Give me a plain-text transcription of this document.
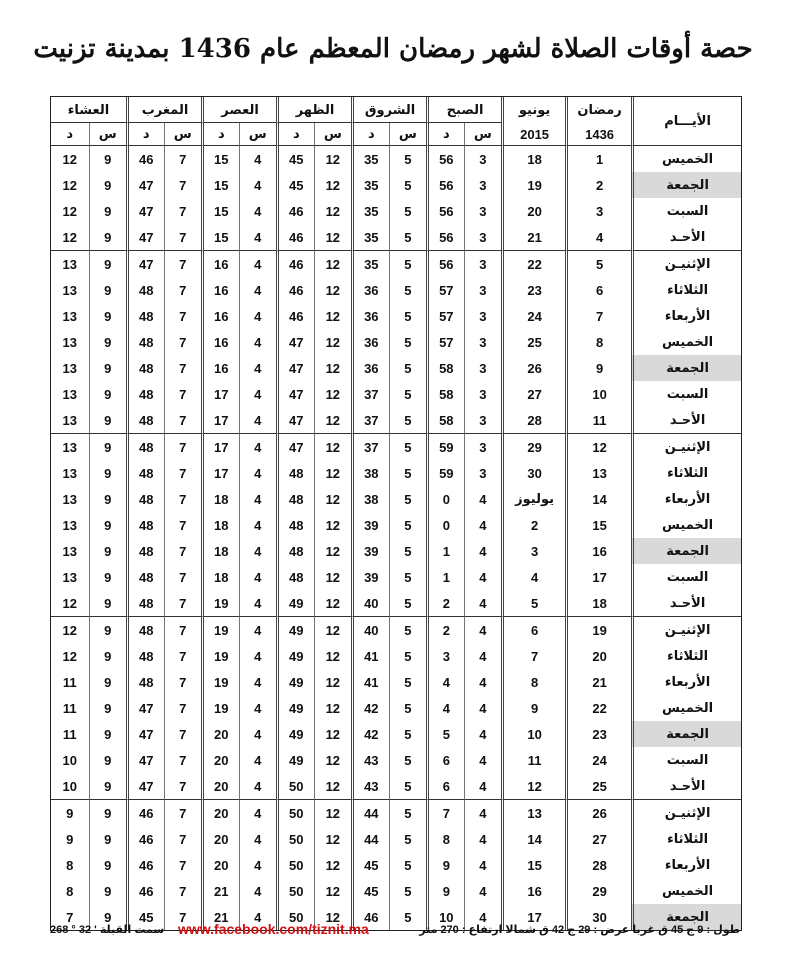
حصة أوقات الصلاة لشهر رمضان المعظم عام 1436 بمدينة تزنيت
الأيـــام	رمضان	يونيو	الصبح		الشروق		الظهر		العصر		المغرب		العشاء	
	1436	2015	س	د	س	د	س	د	س	د	س	د	س	د
الخميس	1	18	3	56	5	35	12	45	4	15	7	46	9	12
الجمعة	2	19	3	56	5	35	12	45	4	15	7	47	9	12
السبت	3	20	3	56	5	35	12	46	4	15	7	47	9	12
الأحـد	4	21	3	56	5	35	12	46	4	15	7	47	9	12
الإثنيـن	5	22	3	56	5	35	12	46	4	16	7	47	9	13
الثلاثاء	6	23	3	57	5	36	12	46	4	16	7	48	9	13
الأربعاء	7	24	3	57	5	36	12	46	4	16	7	48	9	13
الخميس	8	25	3	57	5	36	12	47	4	16	7	48	9	13
الجمعة	9	26	3	58	5	36	12	47	4	16	7	48	9	13
السبت	10	27	3	58	5	37	12	47	4	17	7	48	9	13
الأحـد	11	28	3	58	5	37	12	47	4	17	7	48	9	13
الإثنيـن	12	29	3	59	5	37	12	47	4	17	7	48	9	13
الثلاثاء	13	30	3	59	5	38	12	48	4	17	7	48	9	13
الأربعاء	14	يوليوز	4	0	5	38	12	48	4	18	7	48	9	13
الخميس	15	2	4	0	5	39	12	48	4	18	7	48	9	13
الجمعة	16	3	4	1	5	39	12	48	4	18	7	48	9	13
السبت	17	4	4	1	5	39	12	48	4	18	7	48	9	13
الأحـد	18	5	4	2	5	40	12	49	4	19	7	48	9	12
الإثنيـن	19	6	4	2	5	40	12	49	4	19	7	48	9	12
الثلاثاء	20	7	4	3	5	41	12	49	4	19	7	48	9	12
الأربعاء	21	8	4	4	5	41	12	49	4	19	7	48	9	11
الخميس	22	9	4	4	5	42	12	49	4	19	7	47	9	11
الجمعة	23	10	4	5	5	42	12	49	4	20	7	47	9	11
السبت	24	11	4	6	5	43	12	49	4	20	7	47	9	10
الأحـد	25	12	4	6	5	43	12	50	4	20	7	47	9	10
الإثنيـن	26	13	4	7	5	44	12	50	4	20	7	46	9	9
الثلاثاء	27	14	4	8	5	44	12	50	4	20	7	46	9	9
الأربعاء	28	15	4	9	5	45	12	50	4	20	7	46	9	8
الخميس	29	16	4	9	5	45	12	50	4	21	7	46	9	8
الجمعة	30	17	4	10	5	46	12	50	4	21	7	45	9	7
طول : 9 ج 45 ق غربا عرض : 29 ج 42 ق شمالا ارتفاع : 270 متر
www.facebook.com/tiznit.ma
سمت القبلة ' 32 ° 268
